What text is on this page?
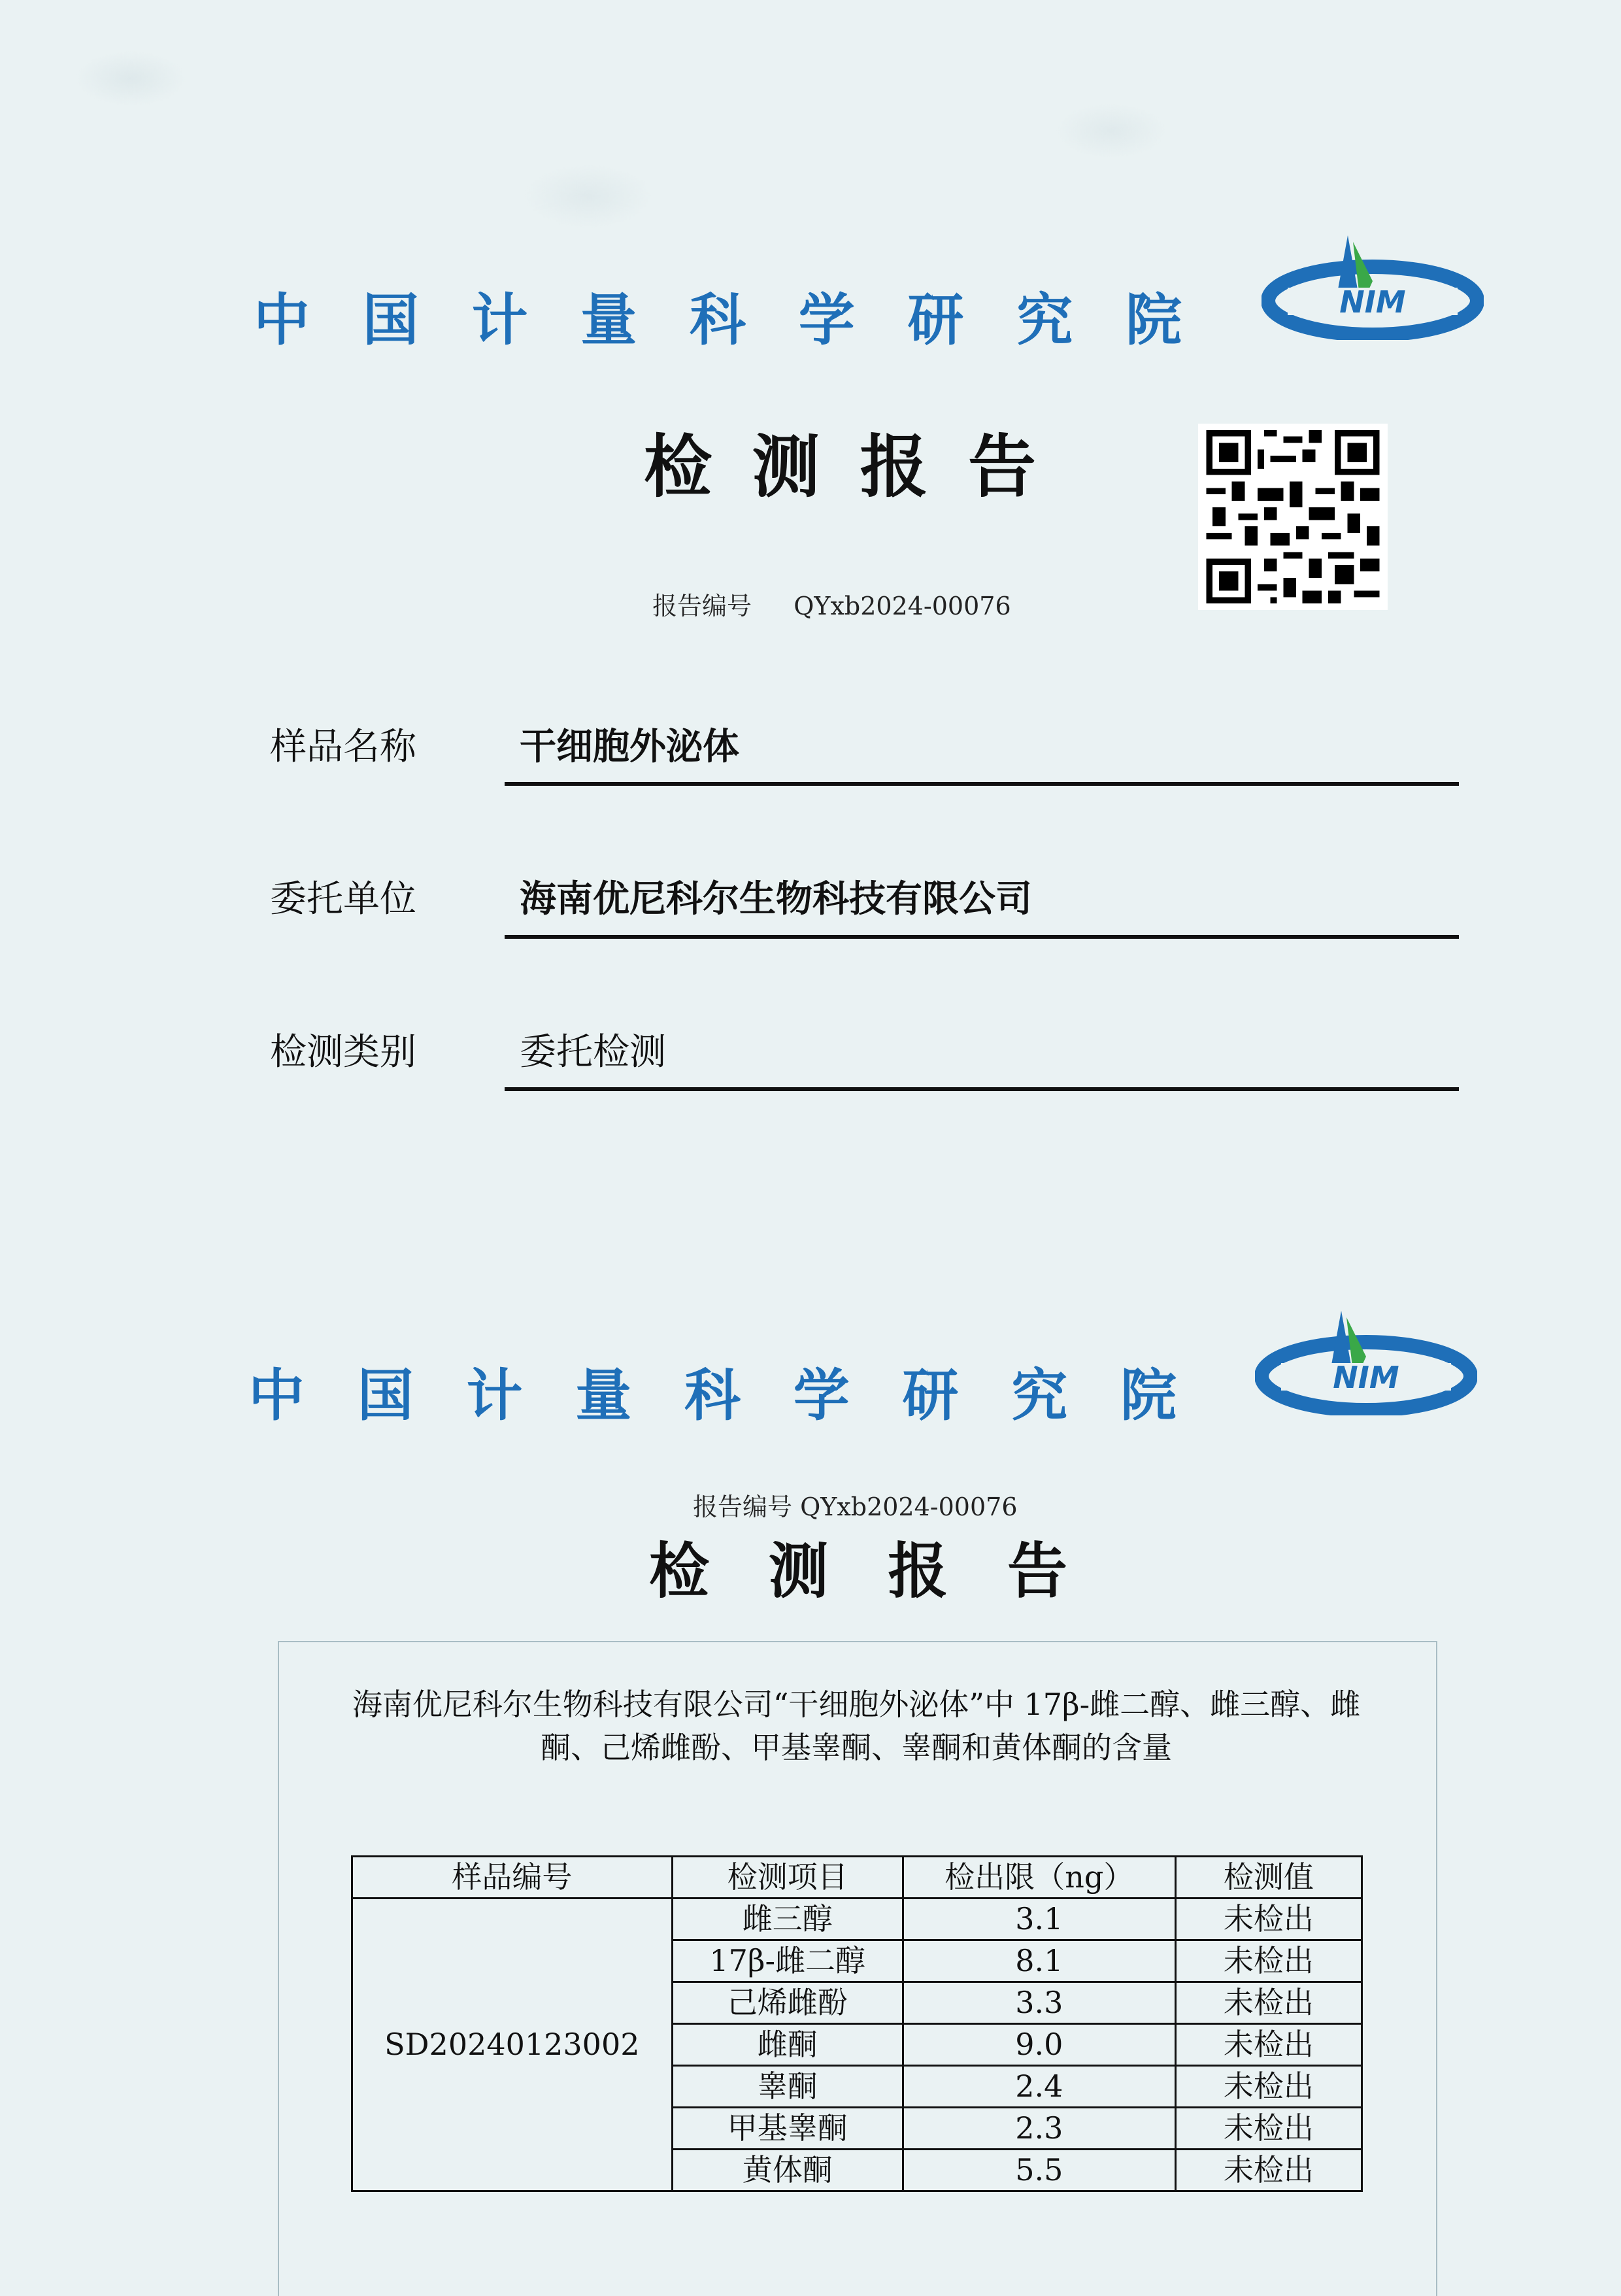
中 国 计 量 科 学 研 究 院	NIM
检 测 报 告
报告编号 QYxb2024-00076
样品名称	干细胞外泌体
委托单位	海南优尼科尔生物科技有限公司
检测类别	委托检测
中 国 计 量 科 学 研 究 院	NIM
报告编号 QYxb2024-00076
检 测 报 告
海南优尼科尔生物科技有限公司“干细胞外泌体”中 17β-雌二醇、雌三醇、雌
酮、己烯雌酚、甲基睾酮、睾酮和黄体酮的含量
样品编号	检测项目	检出限（ng）	检测值
SD20240123002	雌三醇	3.1	未检出
	17β-雌二醇	8.1	未检出
	己烯雌酚	3.3	未检出
	雌酮	9.0	未检出
	睾酮	2.4	未检出
	甲基睾酮	2.3	未检出
	黄体酮	5.5	未检出
